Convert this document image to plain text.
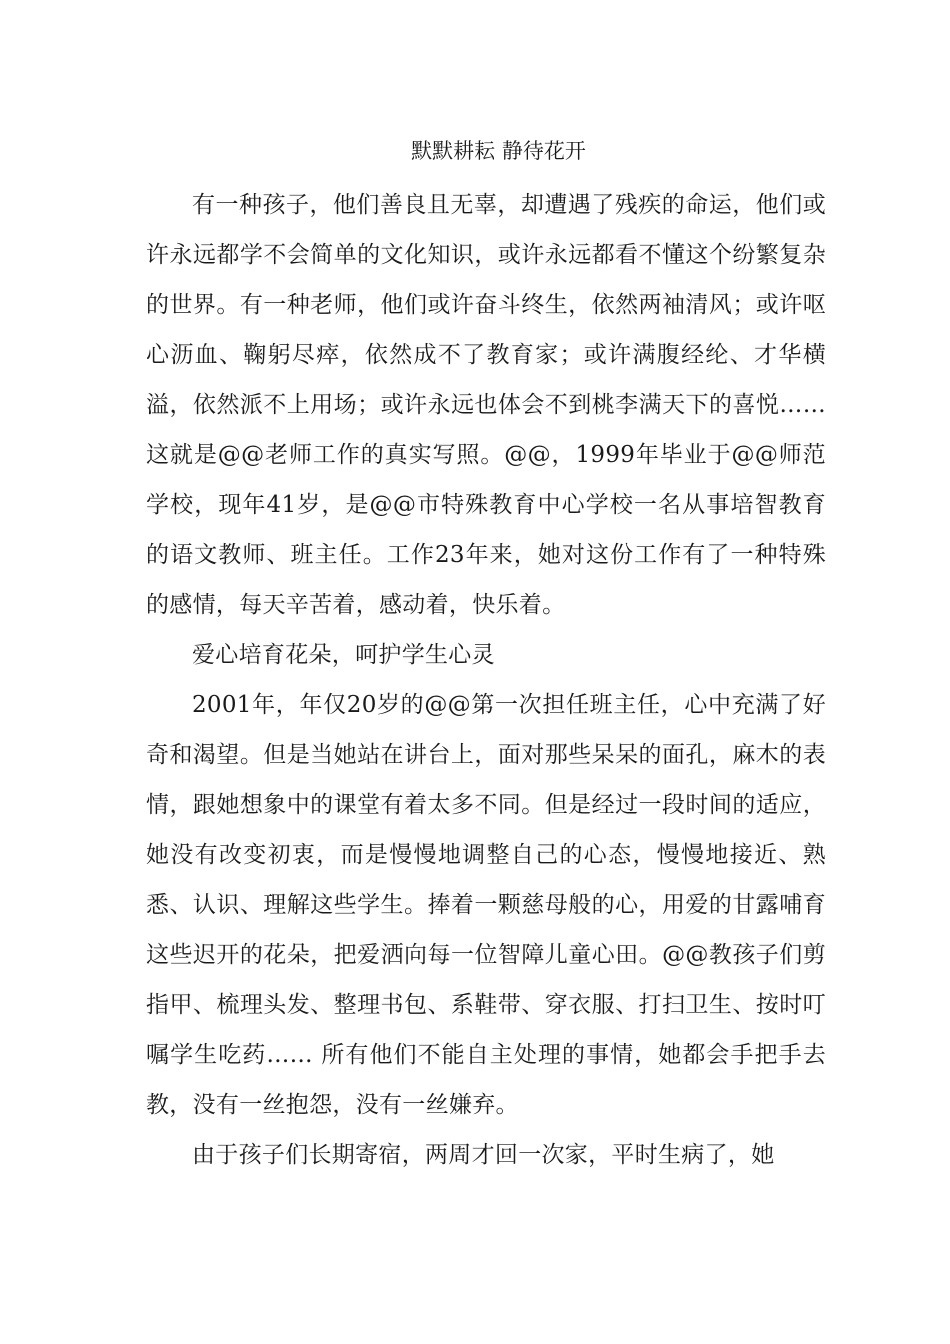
默默耕耘 静待花开

有一种孩子，他们善良且无辜，却遭遇了残疾的命运，他们或许永远都学不会简单的文化知识，或许永远都看不懂这个纷繁复杂的世界。有一种老师，他们或许奋斗终生，依然两袖清风；或许呕心沥血、鞠躬尽瘁，依然成不了教育家；或许满腹经纶、才华横溢，依然派不上用场；或许永远也体会不到桃李满天下的喜悦……这就是@@老师工作的真实写照。@@，1999年毕业于@@师范学校，现年41岁，是@@市特殊教育中心学校一名从事培智教育的语文教师、班主任。工作23年来，她对这份工作有了一种特殊的感情，每天辛苦着，感动着，快乐着。

爱心培育花朵，呵护学生心灵

2001年，年仅20岁的@@第一次担任班主任，心中充满了好奇和渴望。但是当她站在讲台上，面对那些呆呆的面孔，麻木的表情，跟她想象中的课堂有着太多不同。但是经过一段时间的适应，她没有改变初衷，而是慢慢地调整自己的心态，慢慢地接近、熟悉、认识、理解这些学生。捧着一颗慈母般的心，用爱的甘露哺育这些迟开的花朵，把爱洒向每一位智障儿童心田。@@教孩子们剪指甲、梳理头发、整理书包、系鞋带、穿衣服、打扫卫生、按时叮嘱学生吃药…… 所有他们不能自主处理的事情，她都会手把手去教，没有一丝抱怨，没有一丝嫌弃。

由于孩子们长期寄宿，两周才回一次家，平时生病了，她
